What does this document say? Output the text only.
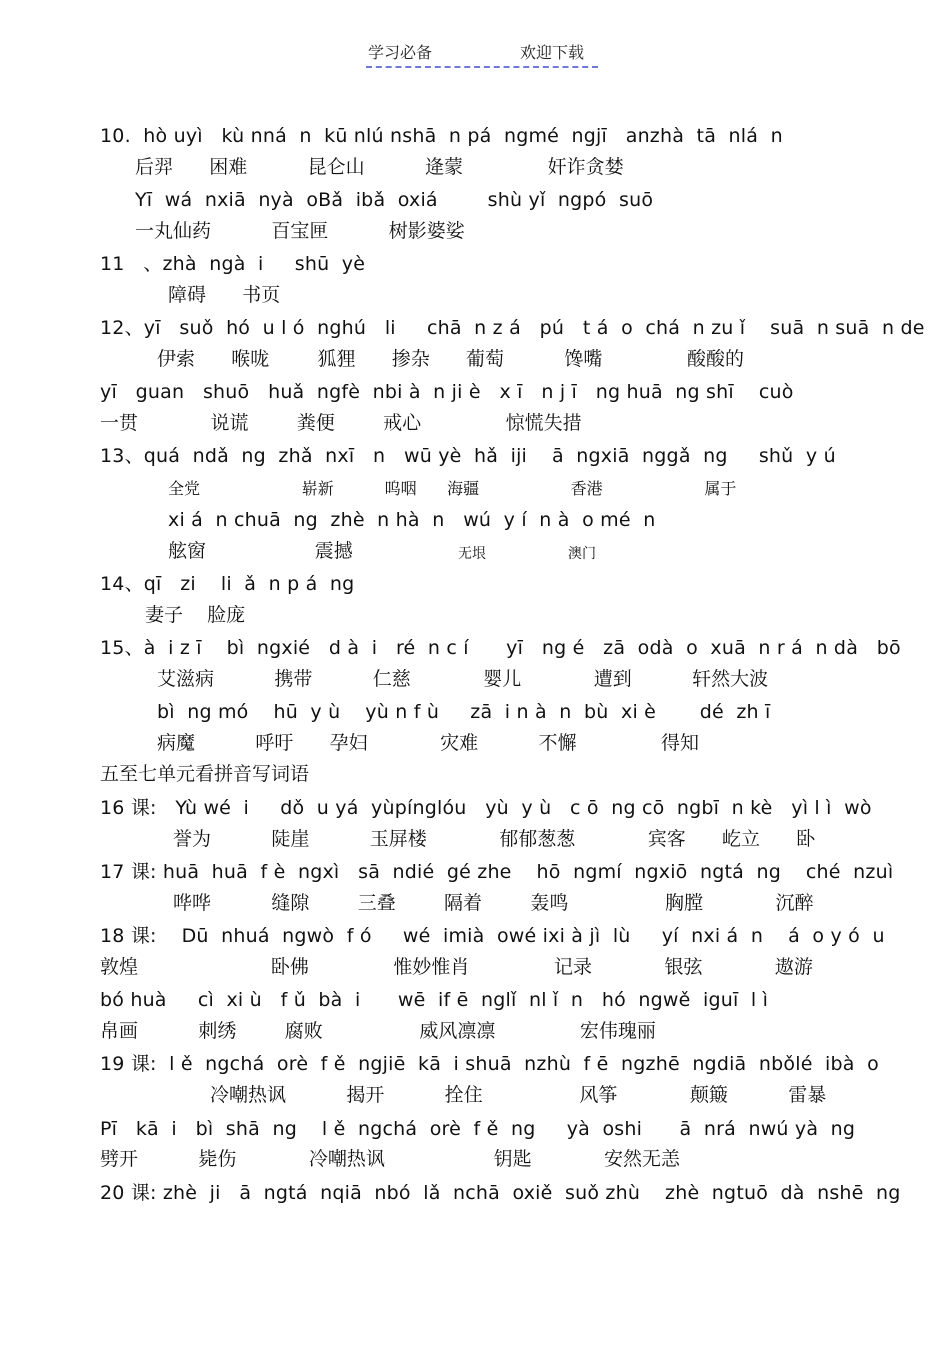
学习必备	欢迎下载
10.  hò uyì   kù nná  n  kū nlú nshā  n pá  ngmé  ngjī   anzhà  tā  nlá  n
后羿      困难          昆仑山          逄蒙              奸诈贪婪
Yī  wá  nxiā  nyà  oBǎ  ibǎ  oxiá        shù yǐ  ngpó  suō
一丸仙药          百宝匣          树影婆娑
11   、zhà  ngà  i     shū  yè
障碍      书页
12、yī   suǒ  hó  u l ó  nghú   li     chā  n z á   pú   t á  o  chá  n zu ǐ    suā  n suā  n de
伊索      喉咙        狐狸      掺杂      葡萄          馋嘴              酸酸的
yī   guan   shuō   huǎ  ngfè  nbi à  n ji è   x ī   n j ī   ng huā  ng shī    cuò
一贯            说谎        粪便        戒心              惊慌失措
13、quá  ndǎ  ng  zhǎ  nxī   n   wū yè  hǎ  iji    ā  ngxiā  nggǎ  ng     shǔ  y ú
全党                    崭新          呜咽      海疆                  香港                    属于
xi á  n chuā  ng  zhè  n hà  n   wú  y í  n à  o mé  n
舷窗                  震撼	无垠	澳门
14、qī   zi    li  ǎ  n p á  ng
妻子    脸庞
15、à  i z ī    bì  ngxié   d à  i   ré  n c í      yī   ng é   zā  odà  o  xuā  n r á  n dà   bō
艾滋病          携带          仁慈            婴儿            遭到          轩然大波
bì  ng mó    hū  y ù    yù n f ù     zā  i n à  n  bù  xi è       dé  zh ī
病魔          呼吁      孕妇            灾难          不懈              得知
五至七单元看拼音写词语
16 课:   Yù wé  i     dǒ  u yá  yùpínglóu   yù  y ù   c ō  ng cō  ngbī  n kè   yì l ì  wò
誉为          陡崖          玉屏楼            郁郁葱葱            宾客      屹立      卧
17 课: huā  huā  f è  ngxì   sā  ndié  gé zhe    hō  ngmí  ngxiō  ngtá  ng    ché  nzuì
哗哗          缝隙        三叠        隔着        轰鸣                胸膛            沉醉
18 课:    Dū  nhuá  ngwò  f ó     wé  imià  owé ixi à jì  lù     yí  nxi á  n    á  o y ó  u
敦煌                      卧佛              惟妙惟肖              记录            银弦            遨游
bó huà     cì  xi ù   f ǔ  bà  i      wē  if ē  nglǐ  nl ǐ  n   hó  ngwě  iguī  l ì
帛画          刺绣        腐败                威风凛凛              宏伟瑰丽
19 课:  l ě  ngchá  orè  f ě  ngjiē  kā  i shuā  nzhù  f ē  ngzhē  ngdiā  nbǒlé  ibà  o
冷嘲热讽          揭开          拴住                风筝            颠簸          雷暴
Pī   kā  i   bì  shā  ng    l ě  ngchá  orè  f ě  ng     yà  oshi      ā  nrá  nwú yà  ng
劈开          毙伤            冷嘲热讽                  钥匙            安然无恙
20 课: zhè  ji   ā  ngtá  nqiā  nbó  lǎ  nchā  oxiě  suǒ zhù    zhè  ngtuō  dà  nshē  ng
